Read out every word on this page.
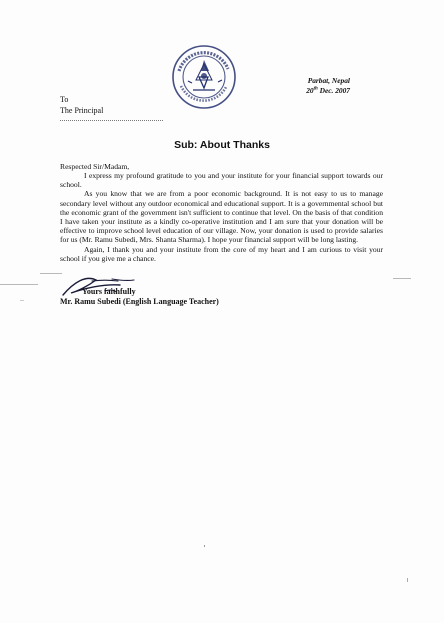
Parbat, Nepal
20th Dec. 2007
To
The Principal
Sub: About Thanks
Respected Sir/Madam,

I express my profound gratitude to you and your institute for your financial support towards our school.

As you know that we are from a poor economic background. It is not easy to us to manage secondary level without any outdoor economical and educational support. It is a governmental school but the economic grant of the government isn't sufficient to continue that level. On the basis of that condition I have taken your institute as a kindly co-operative institution and I am sure that your donation will be effective to improve school level education of our village. Now, your donation is used to provide salaries for us (Mr. Ramu Subedi, Mrs. Shanta Sharma). I hope your financial support will be long lasting.

Again, I thank you and your institute from the core of my heart and I am curious to visit your school if you give me a chance.

Yours faithfully
Mr. Ramu Subedi (English Language Teacher)
